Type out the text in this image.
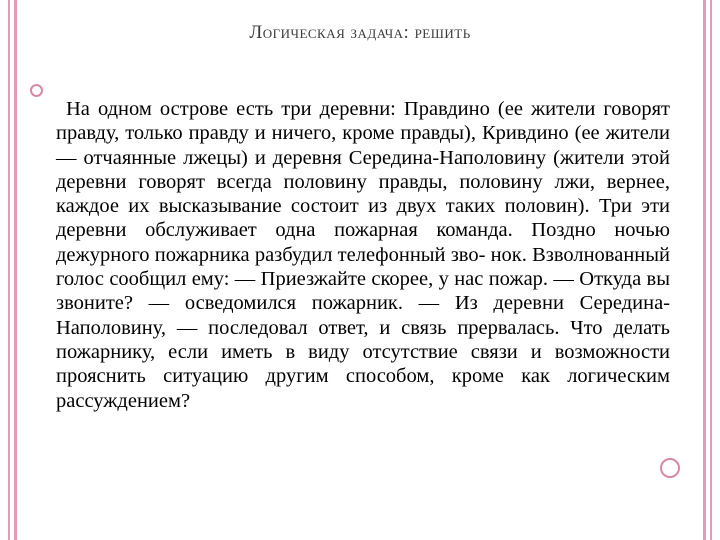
Логическая задача: решить
На одном острове есть три деревни: Правдино (ее жители говорят правду, только правду и ничего, кроме правды), Кривдино (ее жители — отчаянные лжецы) и деревня Середина-Наполовину (жители этой деревни говорят всегда половину правды, половину лжи, вернее, каждое их высказывание состоит из двух таких половин). Три эти деревни обслуживает одна пожарная команда. Поздно ночью дежурного пожарника разбудил телефонный зво- нок. Взволнованный голос сообщил ему: — Приезжайте скорее, у нас пожар. — Откуда вы звоните? — осведомился пожарник. — Из деревни Середина-Наполовину, — последовал ответ, и связь прервалась. Что делать пожарнику, если иметь в виду отсутствие связи и возможности прояснить ситуацию другим способом, кроме как логическим рассуждением?
